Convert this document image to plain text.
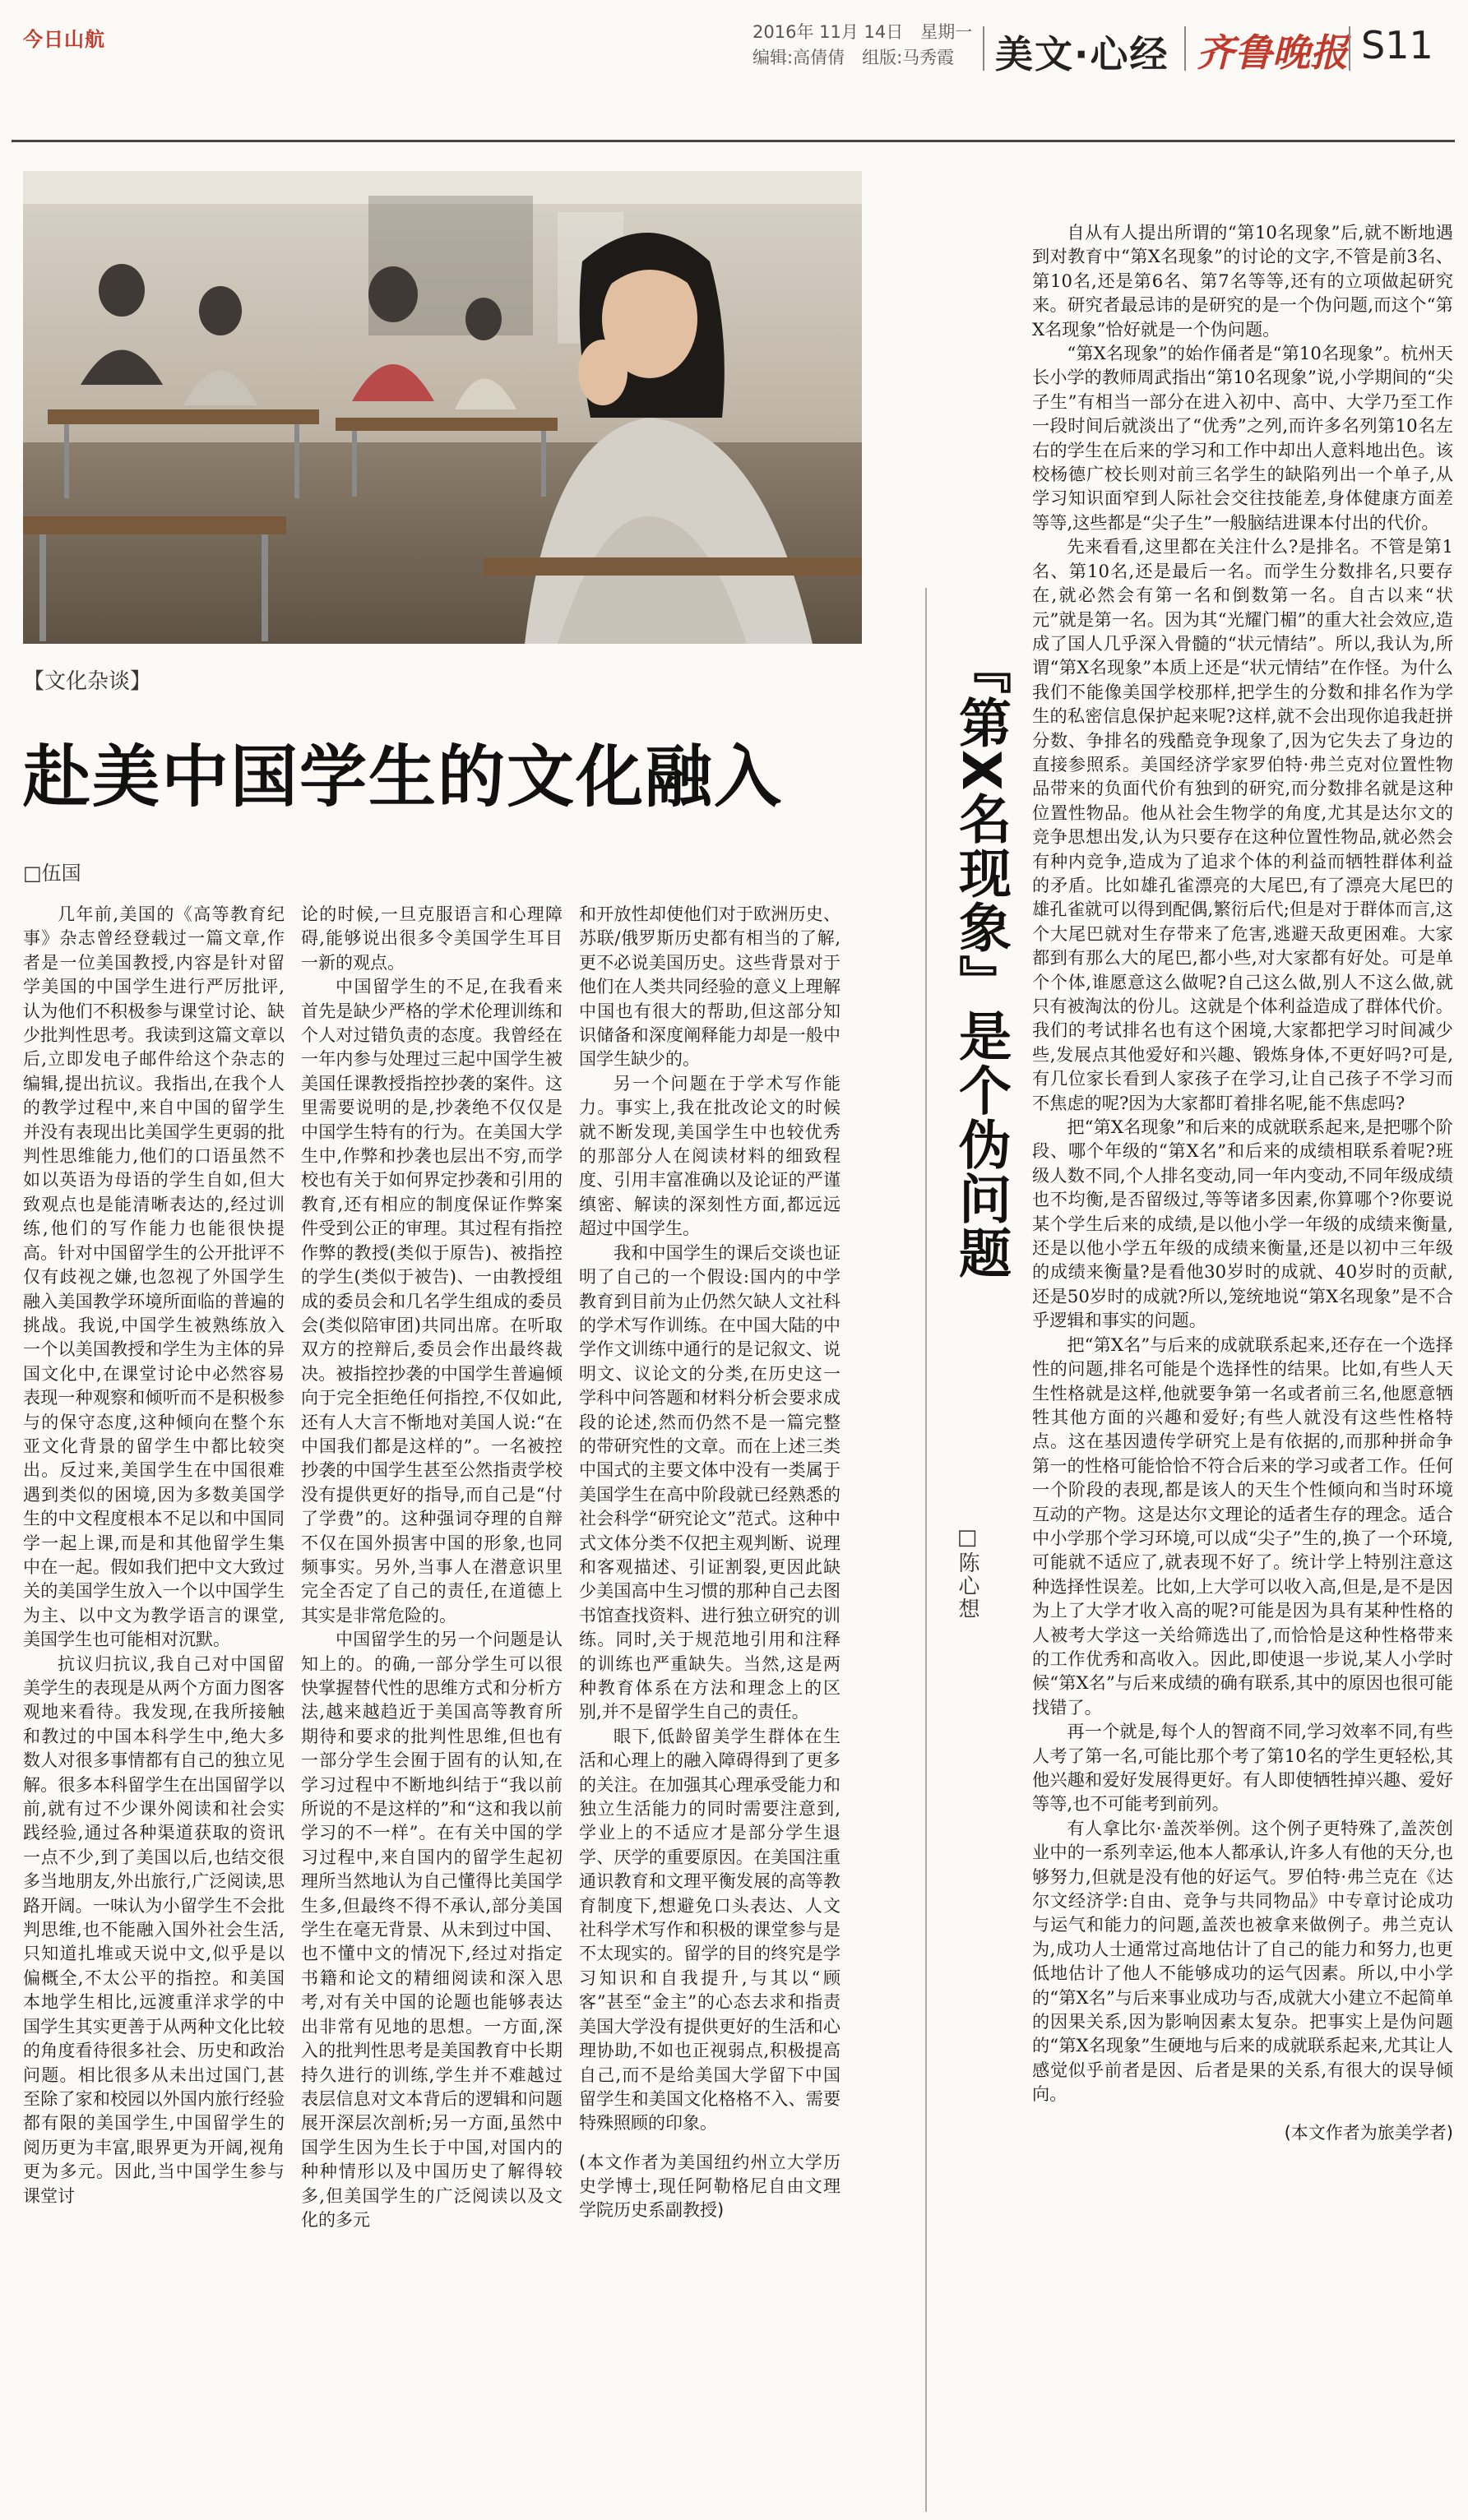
今日山航	2016年 11月 14日　星期一
编辑:高倩倩　组版:马秀霞	美文·心经 齐鲁晚报 S11
【文化杂谈】
赴美中国学生的文化融入
□伍国

几年前,美国的《高等教育纪事》杂志曾经登载过一篇文章,作者是一位美国教授,内容是针对留学美国的中国学生进行严厉批评,认为他们不积极参与课堂讨论、缺少批判性思考。我读到这篇文章以后,立即发电子邮件给这个杂志的编辑,提出抗议。我指出,在我个人的教学过程中,来自中国的留学生并没有表现出比美国学生更弱的批判性思维能力,他们的口语虽然不如以英语为母语的学生自如,但大致观点也是能清晰表达的,经过训练,他们的写作能力也能很快提高。针对中国留学生的公开批评不仅有歧视之嫌,也忽视了外国学生融入美国教学环境所面临的普遍的挑战。我说,中国学生被熟练放入一个以美国教授和学生为主体的异国文化中,在课堂讨论中必然容易表现一种观察和倾听而不是积极参与的保守态度,这种倾向在整个东亚文化背景的留学生中都比较突出。反过来,美国学生在中国很难遇到类似的困境,因为多数美国学生的中文程度根本不足以和中国同学一起上课,而是和其他留学生集中在一起。假如我们把中文大致过关的美国学生放入一个以中国学生为主、以中文为教学语言的课堂,美国学生也可能相对沉默。

抗议归抗议,我自己对中国留美学生的表现是从两个方面力图客观地来看待。我发现,在我所接触和教过的中国本科学生中,绝大多数人对很多事情都有自己的独立见解。很多本科留学生在出国留学以前,就有过不少课外阅读和社会实践经验,通过各种渠道获取的资讯一点不少,到了美国以后,也结交很多当地朋友,外出旅行,广泛阅读,思路开阔。一味认为小留学生不会批判思维,也不能融入国外社会生活,只知道扎堆或天说中文,似乎是以偏概全,不太公平的指控。和美国本地学生相比,远渡重洋求学的中国学生其实更善于从两种文化比较的角度看待很多社会、历史和政治问题。相比很多从未出过国门,甚至除了家和校园以外国内旅行经验都有限的美国学生,中国留学生的阅历更为丰富,眼界更为开阔,视角更为多元。因此,当中国学生参与课堂讨

论的时候,一旦克服语言和心理障碍,能够说出很多令美国学生耳目一新的观点。

中国留学生的不足,在我看来首先是缺少严格的学术伦理训练和个人对过错负责的态度。我曾经在一年内参与处理过三起中国学生被美国任课教授指控抄袭的案件。这里需要说明的是,抄袭绝不仅仅是中国学生特有的行为。在美国大学生中,作弊和抄袭也层出不穷,而学校也有关于如何界定抄袭和引用的教育,还有相应的制度保证作弊案件受到公正的审理。其过程有指控作弊的教授(类似于原告)、被指控的学生(类似于被告)、一由教授组成的委员会和几名学生组成的委员会(类似陪审团)共同出席。在听取双方的控辩后,委员会作出最终裁决。被指控抄袭的中国学生普遍倾向于完全拒绝任何指控,不仅如此,还有人大言不惭地对美国人说:“在中国我们都是这样的”。一名被控抄袭的中国学生甚至公然指责学校没有提供更好的指导,而自己是“付了学费”的。这种强词夺理的自辩不仅在国外损害中国的形象,也同频事实。另外,当事人在潜意识里完全否定了自己的责任,在道德上其实是非常危险的。

中国留学生的另一个问题是认知上的。的确,一部分学生可以很快掌握替代性的思维方式和分析方法,越来越趋近于美国高等教育所期待和要求的批判性思维,但也有一部分学生会囿于固有的认知,在学习过程中不断地纠结于“我以前所说的不是这样的”和“这和我以前学习的不一样”。在有关中国的学习过程中,来自国内的留学生起初理所当然地认为自己懂得比美国学生多,但最终不得不承认,部分美国学生在毫无背景、从未到过中国、也不懂中文的情况下,经过对指定书籍和论文的精细阅读和深入思考,对有关中国的论题也能够表达出非常有见地的思想。一方面,深入的批判性思考是美国教育中长期持久进行的训练,学生并不难越过表层信息对文本背后的逻辑和问题展开深层次剖析;另一方面,虽然中国学生因为生长于中国,对国内的种种情形以及中国历史了解得较多,但美国学生的广泛阅读以及文化的多元

和开放性却使他们对于欧洲历史、苏联/俄罗斯历史都有相当的了解,更不必说美国历史。这些背景对于他们在人类共同经验的意义上理解中国也有很大的帮助,但这部分知识储备和深度阐释能力却是一般中国学生缺少的。

另一个问题在于学术写作能力。事实上,我在批改论文的时候就不断发现,美国学生中也较优秀的那部分人在阅读材料的细致程度、引用丰富准确以及论证的严谨缜密、解读的深刻性方面,都远远超过中国学生。

我和中国学生的课后交谈也证明了自己的一个假设:国内的中学教育到目前为止仍然欠缺人文社科的学术写作训练。在中国大陆的中学作文训练中通行的是记叙文、说明文、议论文的分类,在历史这一学科中问答题和材料分析会要求成段的论述,然而仍然不是一篇完整的带研究性的文章。而在上述三类中国式的主要文体中没有一类属于美国学生在高中阶段就已经熟悉的社会科学“研究论文”范式。这种中式文体分类不仅把主观判断、说理和客观描述、引证割裂,更因此缺少美国高中生习惯的那种自己去图书馆查找资料、进行独立研究的训练。同时,关于规范地引用和注释的训练也严重缺失。当然,这是两种教育体系在方法和理念上的区别,并不是留学生自己的责任。

眼下,低龄留美学生群体在生活和心理上的融入障碍得到了更多的关注。在加强其心理承受能力和独立生活能力的同时需要注意到,学业上的不适应才是部分学生退学、厌学的重要原因。在美国注重通识教育和文理平衡发展的高等教育制度下,想避免口头表达、人文社科学术写作和积极的课堂参与是不太现实的。留学的目的终究是学习知识和自我提升,与其以“顾客”甚至“金主”的心态去求和指责美国大学没有提供更好的生活和心理协助,不如也正视弱点,积极提高自己,而不是给美国大学留下中国留学生和美国文化格格不入、需要特殊照顾的印象。

(本文作者为美国纽约州立大学历史学博士,现任阿勒格尼自由文理学院历史系副教授)

『第X名现象』是个伪问题
□陈心想

自从有人提出所谓的“第10名现象”后,就不断地遇到对教育中“第X名现象”的讨论的文字,不管是前3名、第10名,还是第6名、第7名等等,还有的立项做起研究来。研究者最忌讳的是研究的是一个伪问题,而这个“第X名现象”恰好就是一个伪问题。

“第X名现象”的始作俑者是“第10名现象”。杭州天长小学的教师周武指出“第10名现象”说,小学期间的“尖子生”有相当一部分在进入初中、高中、大学乃至工作一段时间后就淡出了“优秀”之列,而许多名列第10名左右的学生在后来的学习和工作中却出人意料地出色。该校杨德广校长则对前三名学生的缺陷列出一个单子,从学习知识面窄到人际社会交往技能差,身体健康方面差等等,这些都是“尖子生”一般脑结进课本付出的代价。

先来看看,这里都在关注什么?是排名。不管是第1名、第10名,还是最后一名。而学生分数排名,只要存在,就必然会有第一名和倒数第一名。自古以来“状元”就是第一名。因为其“光耀门楣”的重大社会效应,造成了国人几乎深入骨髓的“状元情结”。所以,我认为,所谓“第X名现象”本质上还是“状元情结”在作怪。为什么我们不能像美国学校那样,把学生的分数和排名作为学生的私密信息保护起来呢?这样,就不会出现你追我赶拼分数、争排名的残酷竞争现象了,因为它失去了身边的直接参照系。美国经济学家罗伯特·弗兰克对位置性物品带来的负面代价有独到的研究,而分数排名就是这种位置性物品。他从社会生物学的角度,尤其是达尔文的竞争思想出发,认为只要存在这种位置性物品,就必然会有种内竞争,造成为了追求个体的利益而牺牲群体利益的矛盾。比如雄孔雀漂亮的大尾巴,有了漂亮大尾巴的雄孔雀就可以得到配偶,繁衍后代;但是对于群体而言,这个大尾巴就对生存带来了危害,逃避天敌更困难。大家都到有那么大的尾巴,都小些,对大家都有好处。可是单个个体,谁愿意这么做呢?自己这么做,别人不这么做,就只有被淘汰的份儿。这就是个体利益造成了群体代价。我们的考试排名也有这个困境,大家都把学习时间减少些,发展点其他爱好和兴趣、锻炼身体,不更好吗?可是,有几位家长看到人家孩子在学习,让自己孩子不学习而不焦虑的呢?因为大家都盯着排名呢,能不焦虑吗?

把“第X名现象”和后来的成就联系起来,是把哪个阶段、哪个年级的“第X名”和后来的成绩相联系着呢?班级人数不同,个人排名变动,同一年内变动,不同年级成绩也不均衡,是否留级过,等等诸多因素,你算哪个?你要说某个学生后来的成绩,是以他小学一年级的成绩来衡量,还是以他小学五年级的成绩来衡量,还是以初中三年级的成绩来衡量?是看他30岁时的成就、40岁时的贡献,还是50岁时的成就?所以,笼统地说“第X名现象”是不合乎逻辑和事实的问题。

把“第X名”与后来的成就联系起来,还存在一个选择性的问题,排名可能是个选择性的结果。比如,有些人天生性格就是这样,他就要争第一名或者前三名,他愿意牺牲其他方面的兴趣和爱好;有些人就没有这些性格特点。这在基因遗传学研究上是有依据的,而那种拼命争第一的性格可能恰恰不符合后来的学习或者工作。任何一个阶段的表现,都是该人的天生个性倾向和当时环境互动的产物。这是达尔文理论的适者生存的理念。适合中小学那个学习环境,可以成“尖子”生的,换了一个环境,可能就不适应了,就表现不好了。统计学上特别注意这种选择性误差。比如,上大学可以收入高,但是,是不是因为上了大学才收入高的呢?可能是因为具有某种性格的人被考大学这一关给筛选出了,而恰恰是这种性格带来的工作优秀和高收入。因此,即使退一步说,某人小学时候“第X名”与后来成绩的确有联系,其中的原因也很可能找错了。

再一个就是,每个人的智商不同,学习效率不同,有些人考了第一名,可能比那个考了第10名的学生更轻松,其他兴趣和爱好发展得更好。有人即使牺牲掉兴趣、爱好等等,也不可能考到前列。

有人拿比尔·盖茨举例。这个例子更特殊了,盖茨创业中的一系列幸运,他本人都承认,许多人有他的天分,也够努力,但就是没有他的好运气。罗伯特·弗兰克在《达尔文经济学:自由、竞争与共同物品》中专章讨论成功与运气和能力的问题,盖茨也被拿来做例子。弗兰克认为,成功人士通常过高地估计了自己的能力和努力,也更低地估计了他人不能够成功的运气因素。所以,中小学的“第X名”与后来事业成功与否,成就大小建立不起简单的因果关系,因为影响因素太复杂。把事实上是伪问题的“第X名现象”生硬地与后来的成就联系起来,尤其让人感觉似乎前者是因、后者是果的关系,有很大的误导倾向。

(本文作者为旅美学者)
